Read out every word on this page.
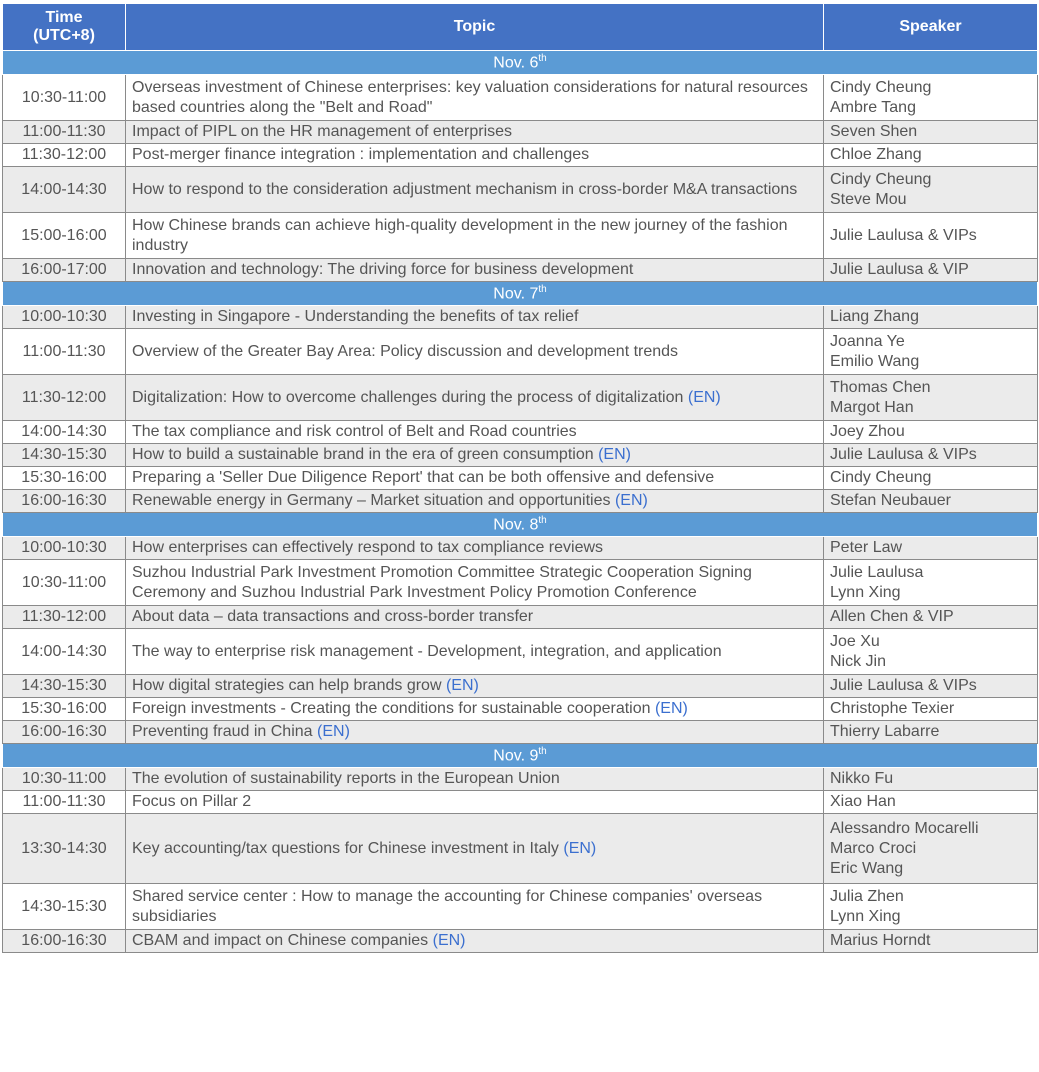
Time
(UTC+8)	Topic	Speaker
Nov. 6th
10:30-11:00	Overseas investment of Chinese enterprises: key valuation considerations for natural resources based countries along the "Belt and Road"	Cindy Cheung
Ambre Tang
11:00-11:30	Impact of PIPL on the HR management of enterprises	Seven Shen
11:30-12:00	Post-merger finance integration : implementation and challenges	Chloe Zhang
14:00-14:30	How to respond to the consideration adjustment mechanism in cross-border M&A transactions	Cindy Cheung
Steve Mou
15:00-16:00	How Chinese brands can achieve high-quality development in the new journey of the fashion industry	Julie Laulusa & VIPs
16:00-17:00	Innovation and technology: The driving force for business development	Julie Laulusa & VIP
Nov. 7th
10:00-10:30	Investing in Singapore - Understanding the benefits of tax relief	Liang Zhang
11:00-11:30	Overview of the Greater Bay Area: Policy discussion and development trends	Joanna Ye
Emilio Wang
11:30-12:00	Digitalization: How to overcome challenges during the process of digitalization (EN)	Thomas Chen
Margot Han
14:00-14:30	The tax compliance and risk control of Belt and Road countries	Joey Zhou
14:30-15:30	How to build a sustainable brand in the era of green consumption (EN)	Julie Laulusa & VIPs
15:30-16:00	Preparing a 'Seller Due Diligence Report' that can be both offensive and defensive	Cindy Cheung
16:00-16:30	Renewable energy in Germany – Market situation and opportunities (EN)	Stefan Neubauer
Nov. 8th
10:00-10:30	How enterprises can effectively respond to tax compliance reviews	Peter Law
10:30-11:00	Suzhou Industrial Park Investment Promotion Committee Strategic Cooperation Signing Ceremony and Suzhou Industrial Park Investment Policy Promotion Conference	Julie Laulusa
Lynn Xing
11:30-12:00	About data – data transactions and cross-border transfer	Allen Chen & VIP
14:00-14:30	The way to enterprise risk management - Development, integration, and application	Joe Xu
Nick Jin
14:30-15:30	How digital strategies can help brands grow (EN)	Julie Laulusa & VIPs
15:30-16:00	Foreign investments - Creating the conditions for sustainable cooperation (EN)	Christophe Texier
16:00-16:30	Preventing fraud in China (EN)	Thierry Labarre
Nov. 9th
10:30-11:00	The evolution of sustainability reports in the European Union	Nikko Fu
11:00-11:30	Focus on Pillar 2	Xiao Han
13:30-14:30	Key accounting/tax questions for Chinese investment in Italy (EN)	Alessandro Mocarelli
Marco Croci
Eric Wang
14:30-15:30	Shared service center : How to manage the accounting for Chinese companies' overseas subsidiaries	Julia Zhen
Lynn Xing
16:00-16:30	CBAM and impact on Chinese companies (EN)	Marius Horndt
